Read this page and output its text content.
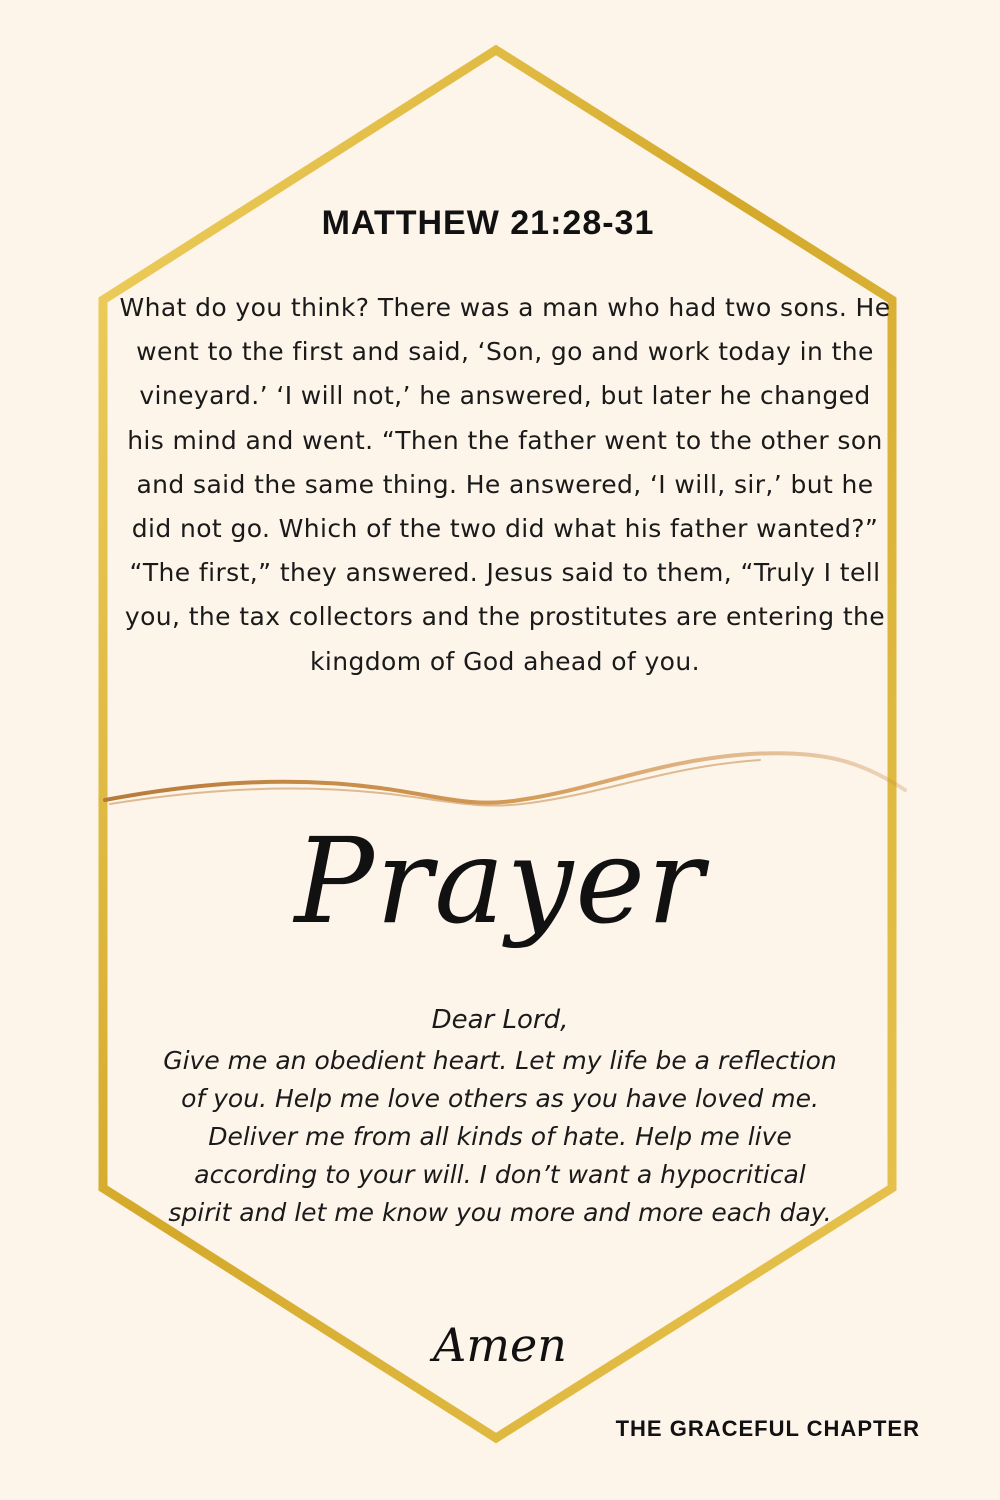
MATTHEW 21:28-31

What do you think? There was a man who had two sons. He went to the first and said, ‘Son, go and work today in the vineyard.’ ‘I will not,’ he answered, but later he changed his mind and went. “Then the father went to the other son and said the same thing. He answered, ‘I will, sir,’ but he did not go. Which of the two did what his father wanted?” “The first,” they answered. Jesus said to them, “Truly I tell you, the tax collectors and the prostitutes are entering the kingdom of God ahead of you.

Prayer

Dear Lord,

Give me an obedient heart. Let my life be a reflection of you. Help me love others as you have loved me. Deliver me from all kinds of hate. Help me live according to your will. I don’t want a hypocritical spirit and let me know you more and more each day.

Amen

THE GRACEFUL CHAPTER
